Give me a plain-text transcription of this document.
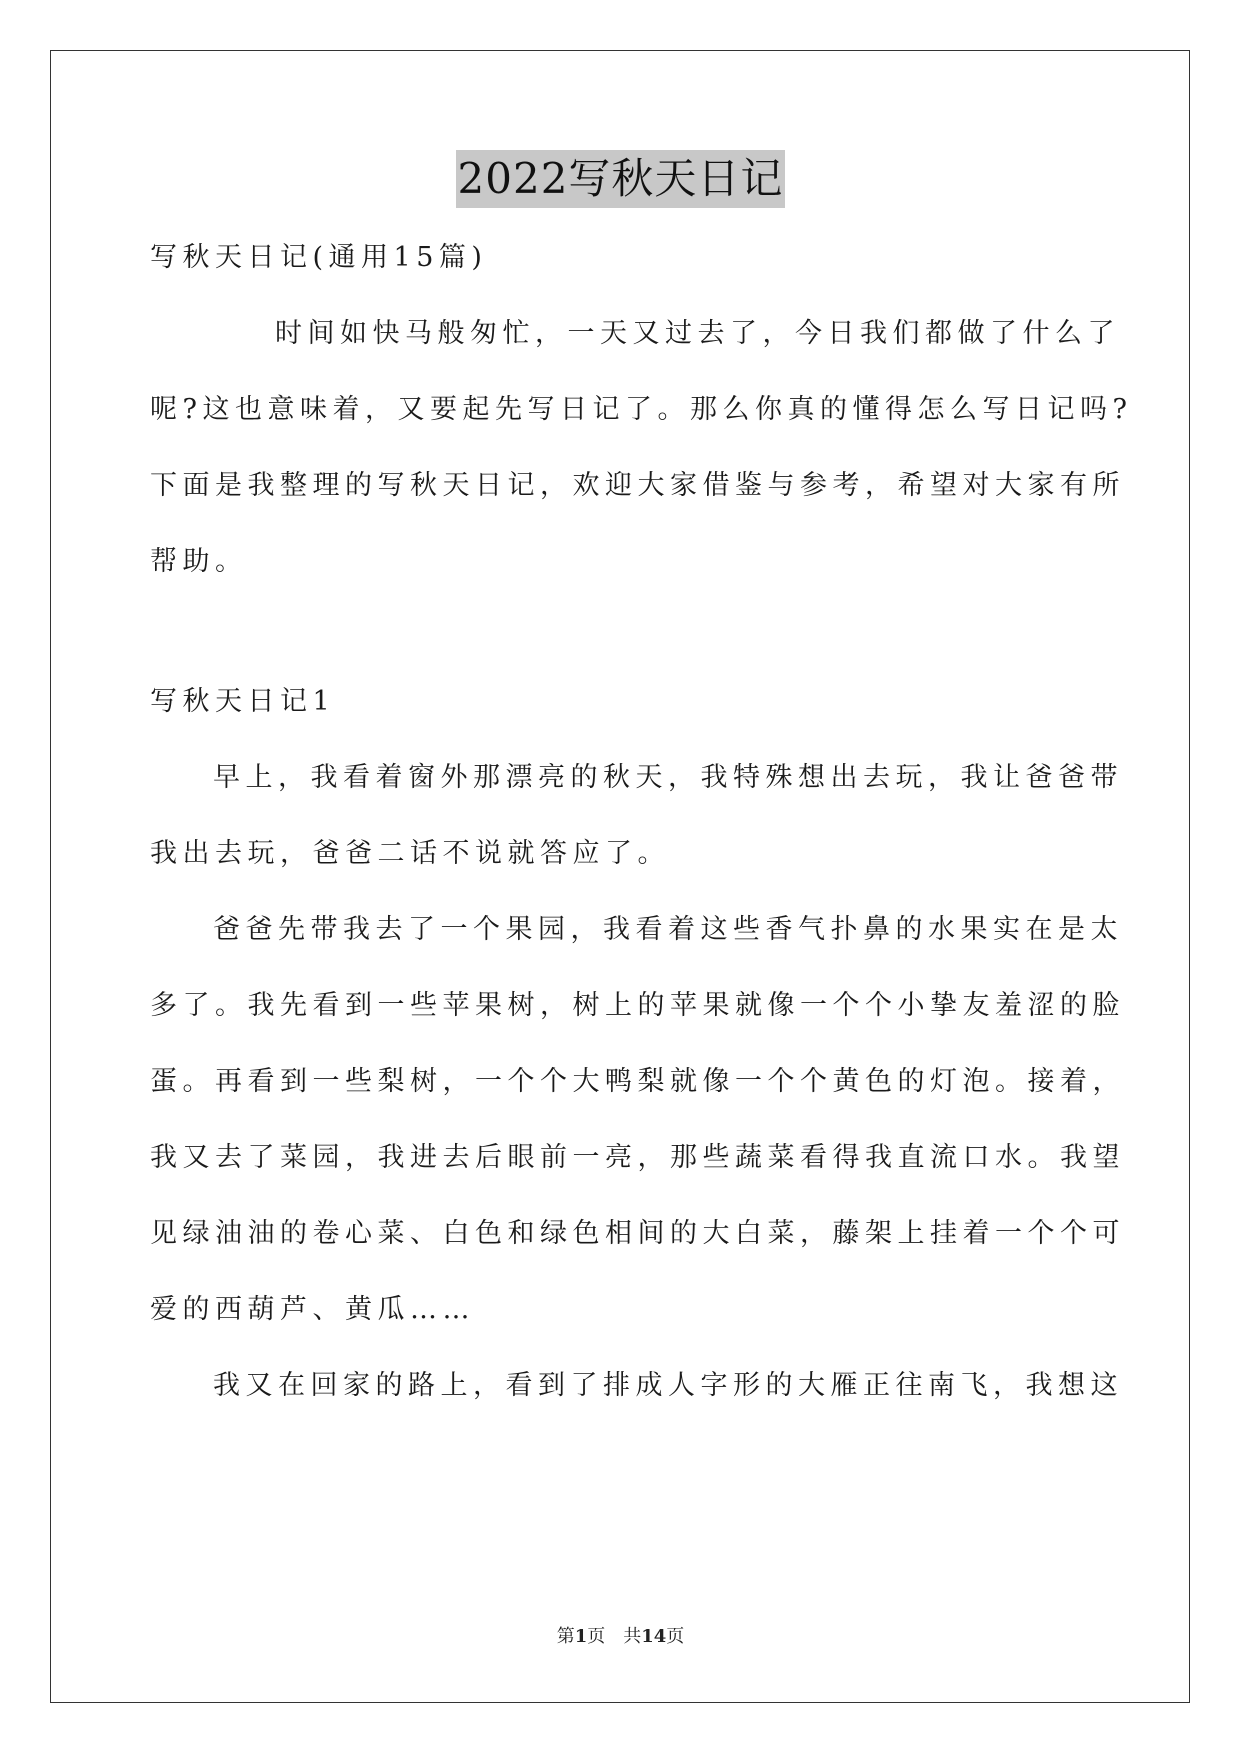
2022写秋天日记
写秋天日记(通用15篇)
时间如快马般匆忙，一天又过去了，今日我们都做了什么了
呢?这也意味着，又要起先写日记了。那么你真的懂得怎么写日记吗?
下面是我整理的写秋天日记，欢迎大家借鉴与参考，希望对大家有所
帮助。
写秋天日记1
早上，我看着窗外那漂亮的秋天，我特殊想出去玩，我让爸爸带
我出去玩，爸爸二话不说就答应了。
爸爸先带我去了一个果园，我看着这些香气扑鼻的水果实在是太
多了。我先看到一些苹果树，树上的苹果就像一个个小挚友羞涩的脸
蛋。再看到一些梨树，一个个大鸭梨就像一个个黄色的灯泡。接着，
我又去了菜园，我进去后眼前一亮，那些蔬菜看得我直流口水。我望
见绿油油的卷心菜、白色和绿色相间的大白菜，藤架上挂着一个个可
爱的西葫芦、黄瓜……
我又在回家的路上，看到了排成人字形的大雁正往南飞，我想这
第1页 共14页
